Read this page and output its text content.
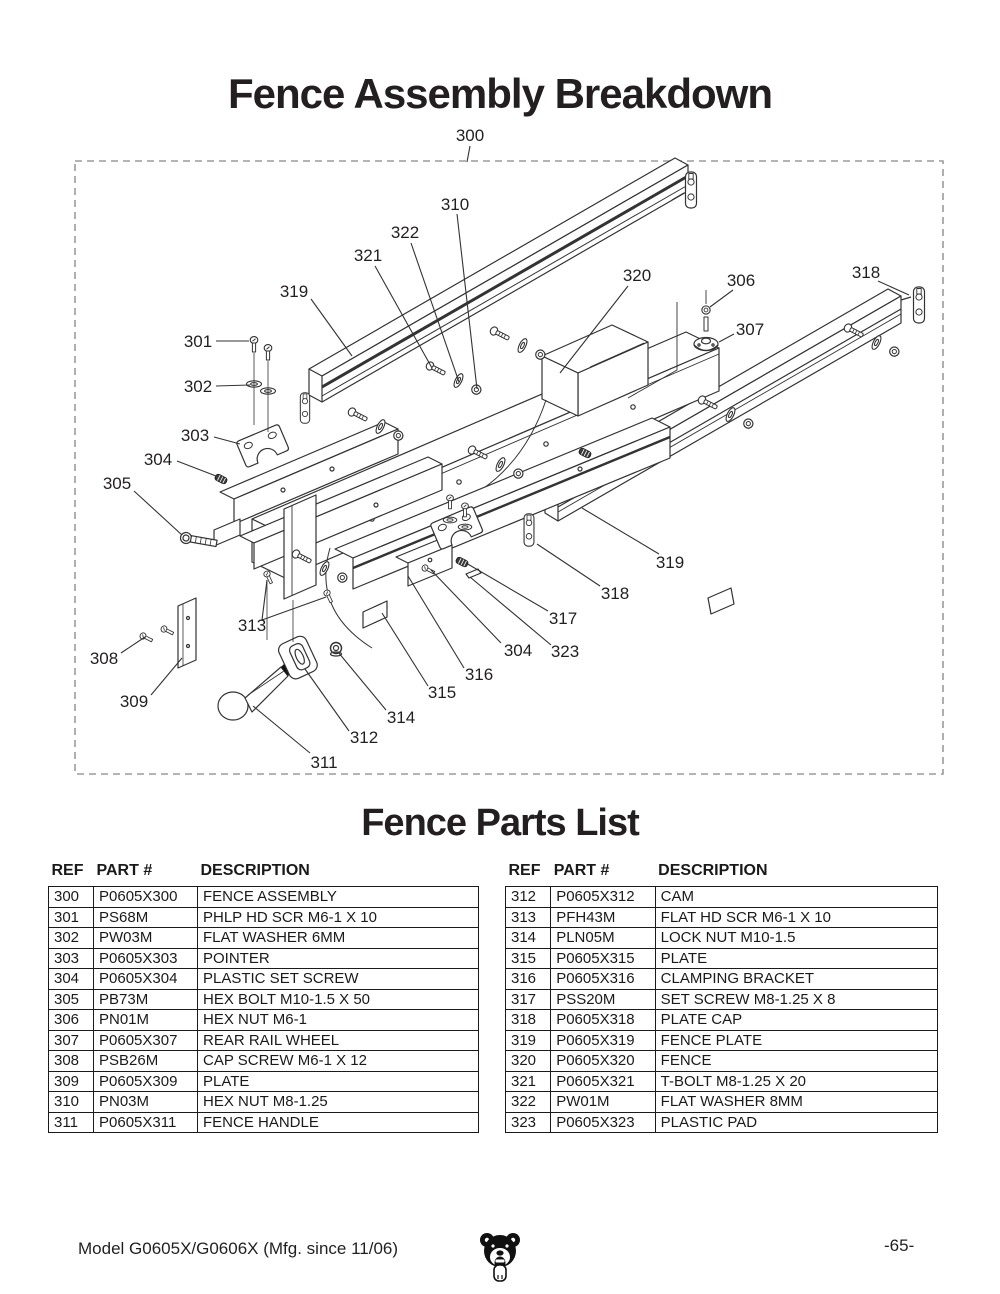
Fence Assembly Breakdown
300
310
322
321
319
320	306	318
307
301
302
303
304
305
319
318
317
304 323
316
315
308
314
309
312
311
313
Fence Parts List
REF	PART #	DESCRIPTION
300	P0605X300	FENCE ASSEMBLY
301	PS68M	PHLP HD SCR M6-1 X 10
302	PW03M	FLAT WASHER 6MM
303	P0605X303	POINTER
304	P0605X304	PLASTIC SET SCREW
305	PB73M	HEX BOLT M10-1.5 X 50
306	PN01M	HEX NUT M6-1
307	P0605X307	REAR RAIL WHEEL
308	PSB26M	CAP SCREW M6-1 X 12
309	P0605X309	PLATE
310	PN03M	HEX NUT M8-1.25
311	P0605X311	FENCE HANDLE
REF	PART #	DESCRIPTION
312	P0605X312	CAM
313	PFH43M	FLAT HD SCR M6-1 X 10
314	PLN05M	LOCK NUT M10-1.5
315	P0605X315	PLATE
316	P0605X316	CLAMPING BRACKET
317	PSS20M	SET SCREW M8-1.25 X 8
318	P0605X318	PLATE CAP
319	P0605X319	FENCE PLATE
320	P0605X320	FENCE
321	P0605X321	T-BOLT M8-1.25 X 20
322	PW01M	FLAT WASHER 8MM
323	P0605X323	PLASTIC PAD
Model G0605X/G0606X (Mfg. since 11/06)	-65-
